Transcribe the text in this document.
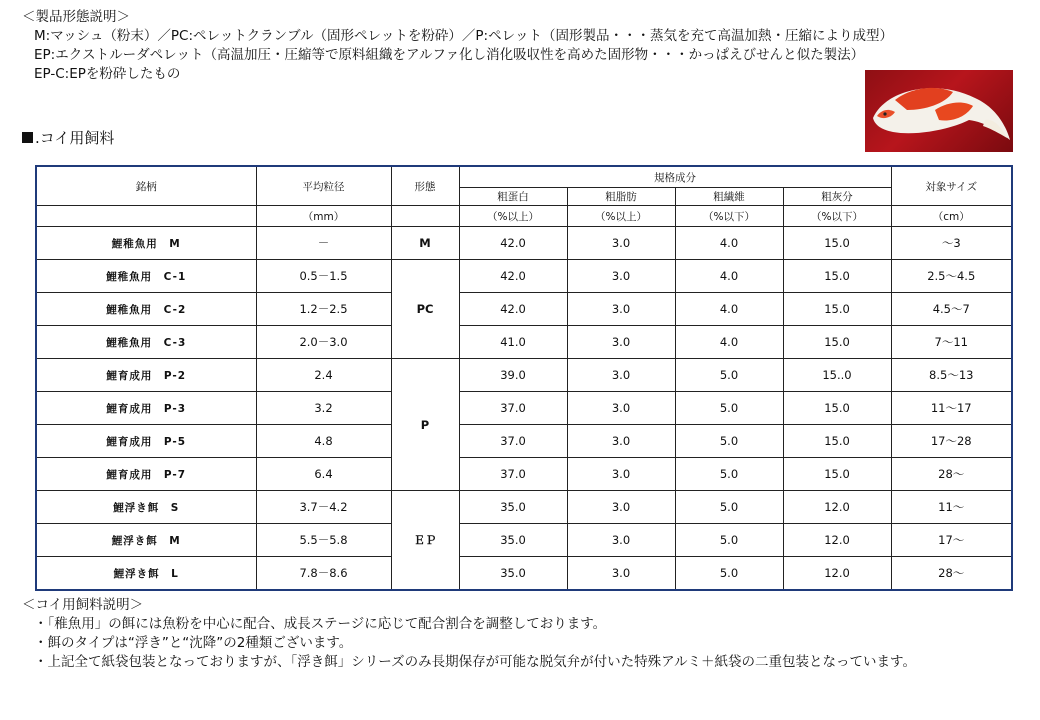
＜製品形態説明＞
M:マッシュ（粉末）／PC:ペレットクランブル（固形ペレットを粉砕）／P:ペレット（固形製品・・・蒸気を充て高温加熱・圧縮により成型）
EP:エクストルーダペレット（高温加圧・圧縮等で原料組織をアルファ化し消化吸収性を高めた固形物・・・かっぱえびせんと似た製法）
EP-C:EPを粉砕したもの
.コイ用飼料
銘柄	平均粒径	形態	規格成分				対象サイズ
			粗蛋白	粗脂肪	粗繊維	粗灰分	
	（mm）		（%以上）	（%以上）	（%以下）	（%以下）	（cm）
鯉稚魚用　M	－	M	42.0	3.0	4.0	15.0	～3
鯉稚魚用　C-1	0.5－1.5	PC	42.0	3.0	4.0	15.0	2.5～4.5
鯉稚魚用　C-2	1.2－2.5		42.0	3.0	4.0	15.0	4.5～7
鯉稚魚用　C-3	2.0－3.0		41.0	3.0	4.0	15.0	7～11
鯉育成用　P-2	2.4	P	39.0	3.0	5.0	15..0	8.5～13
鯉育成用　P-3	3.2		37.0	3.0	5.0	15.0	11～17
鯉育成用　P-5	4.8		37.0	3.0	5.0	15.0	17～28
鯉育成用　P-7	6.4		37.0	3.0	5.0	15.0	28～
鯉浮き餌　S	3.7－4.2	ＥＰ	35.0	3.0	5.0	12.0	11～
鯉浮き餌　M	5.5－5.8		35.0	3.0	5.0	12.0	17～
鯉浮き餌　L	7.8－8.6		35.0	3.0	5.0	12.0	28～
＜コイ用飼料説明＞
・「稚魚用」の餌には魚粉を中心に配合、成長ステージに応じて配合割合を調整しております。
・餌のタイプは“浮き”と“沈降”の2種類ございます。
・上記全て紙袋包装となっておりますが、「浮き餌」シリーズのみ長期保存が可能な脱気弁が付いた特殊アルミ＋紙袋の二重包装となっています。
